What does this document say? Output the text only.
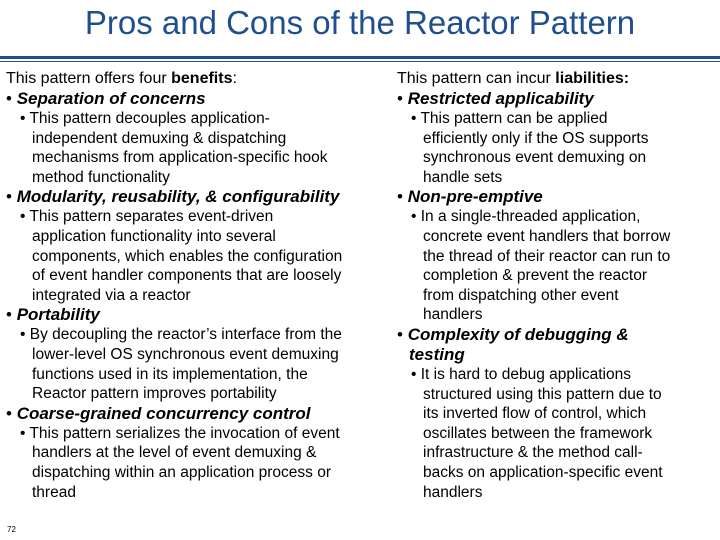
Pros and Cons of the Reactor Pattern
This pattern offers four benefits:
• Separation of concerns
• This pattern decouples application-
independent demuxing & dispatching
mechanisms from application-specific hook
method functionality
• Modularity, reusability, & configurability
• This pattern separates event-driven
application functionality into several
components, which enables the configuration
of event handler components that are loosely
integrated via a reactor
• Portability
• By decoupling the reactor’s interface from the
lower-level OS synchronous event demuxing
functions used in its implementation, the
Reactor pattern improves portability
• Coarse-grained concurrency control
• This pattern serializes the invocation of event
handlers at the level of event demuxing &
dispatching within an application process or
thread
This pattern can incur liabilities:
• Restricted applicability
• This pattern can be applied
efficiently only if the OS supports
synchronous event demuxing on
handle sets
• Non-pre-emptive
• In a single-threaded application,
concrete event handlers that borrow
the thread of their reactor can run to
completion & prevent the reactor
from dispatching other event
handlers
• Complexity of debugging &
testing
• It is hard to debug applications
structured using this pattern due to
its inverted flow of control, which
oscillates between the framework
infrastructure & the method call-
backs on application-specific event
handlers
72
